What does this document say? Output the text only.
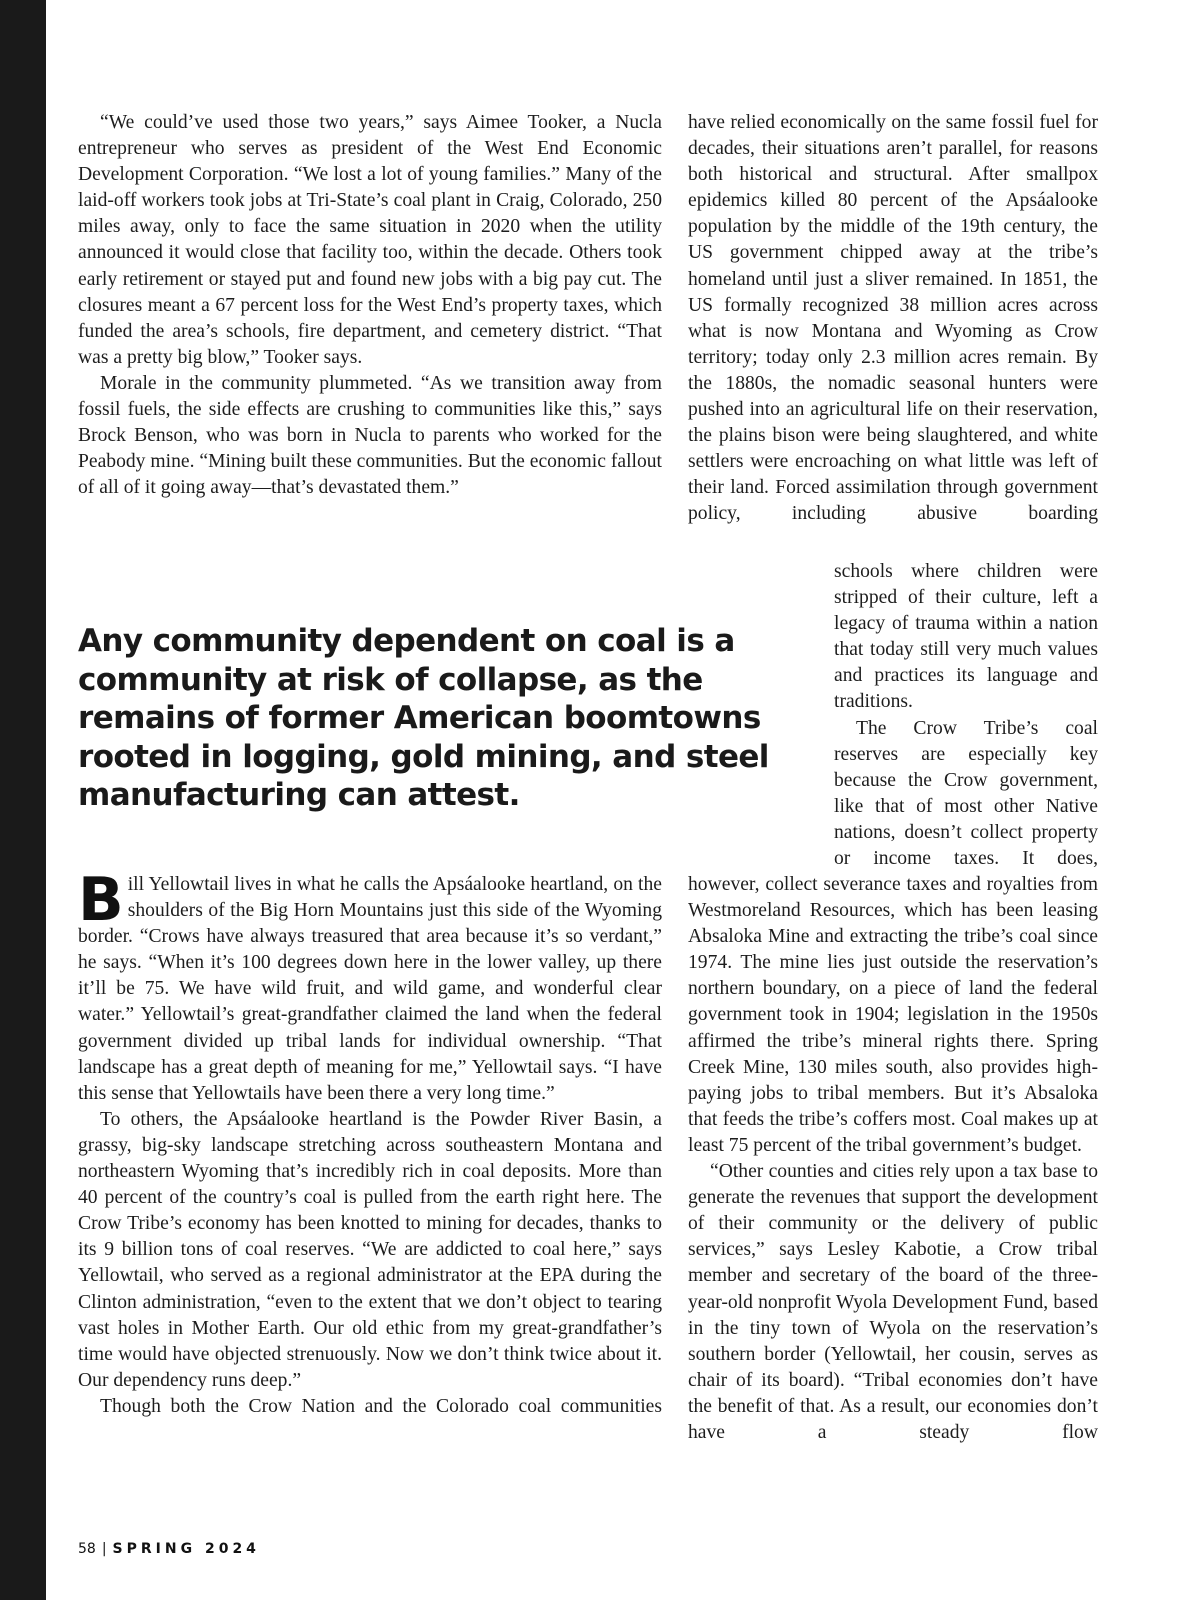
“We could’ve used those two years,” says Aimee Tooker, a Nucla entrepreneur who serves as president of the West End Economic Development Corporation. “We lost a lot of young families.” Many of the laid-off workers took jobs at Tri-State’s coal plant in Craig, Colorado, 250 miles away, only to face the same situation in 2020 when the utility announced it would close that facility too, within the decade. Others took early retirement or stayed put and found new jobs with a big pay cut. The closures meant a 67 percent loss for the West End’s property taxes, which funded the area’s schools, fire department, and cemetery district. “That was a pretty big blow,” Tooker says.

Morale in the community plummeted. “As we transition away from fossil fuels, the side effects are crushing to communities like this,” says Brock Benson, who was born in Nucla to parents who worked for the Peabody mine. “Mining built these communities. But the economic fallout of all of it going away—that’s devastated them.”

have relied economically on the same fossil fuel for decades, their situations aren’t parallel, for reasons both historical and structural. After smallpox epidemics killed 80 percent of the Apsáalooke population by the middle of the 19th century, the US government chipped away at the tribe’s homeland until just a sliver remained. In 1851, the US formally recognized 38 million acres across what is now Montana and Wyoming as Crow territory; today only 2.3 million acres remain. By the 1880s, the nomadic seasonal hunters were pushed into an agricultural life on their reservation, the plains bison were being slaughtered, and white settlers were encroaching on what little was left of their land. Forced assimilation through government policy, including abusive boarding

schools where children were stripped of their culture, left a legacy of trauma within a nation that today still very much values and practices its language and traditions.

The Crow Tribe’s coal reserves are especially key because the Crow government, like that of most other Native nations, doesn’t collect property or income taxes. It does,

Any community dependent on coal is a community at risk of collapse, as the remains of former American boomtowns rooted in logging, gold mining, and steel manufacturing can attest.

Bill Yellowtail lives in what he calls the Apsáalooke heartland, on the shoulders of the Big Horn Mountains just this side of the Wyoming border. “Crows have always treasured that area because it’s so verdant,” he says. “When it’s 100 degrees down here in the lower valley, up there it’ll be 75. We have wild fruit, and wild game, and wonderful clear water.” Yellowtail’s great-grandfather claimed the land when the federal government divided up tribal lands for individual ownership. “That landscape has a great depth of meaning for me,” Yellowtail says. “I have this sense that Yellowtails have been there a very long time.”

To others, the Apsáalooke heartland is the Powder River Basin, a grassy, big-sky landscape stretching across southeastern Montana and northeastern Wyoming that’s incredibly rich in coal deposits. More than 40 percent of the country’s coal is pulled from the earth right here. The Crow Tribe’s economy has been knotted to mining for decades, thanks to its 9 billion tons of coal reserves. “We are addicted to coal here,” says Yellowtail, who served as a regional administrator at the EPA during the Clinton administration, “even to the extent that we don’t object to tearing vast holes in Mother Earth. Our old ethic from my great-grandfather’s time would have objected strenuously. Now we don’t think twice about it. Our dependency runs deep.”

Though both the Crow Nation and the Colorado coal communities

however, collect severance taxes and royalties from Westmoreland Resources, which has been leasing Absaloka Mine and extracting the tribe’s coal since 1974. The mine lies just outside the reservation’s northern boundary, on a piece of land the federal government took in 1904; legislation in the 1950s affirmed the tribe’s mineral rights there. Spring Creek Mine, 130 miles south, also provides high-paying jobs to tribal members. But it’s Absaloka that feeds the tribe’s coffers most. Coal makes up at least 75 percent of the tribal government’s budget.

“Other counties and cities rely upon a tax base to generate the revenues that support the development of their community or the delivery of public services,” says Lesley Kabotie, a Crow tribal member and secretary of the board of the three-year-old nonprofit Wyola Development Fund, based in the tiny town of Wyola on the reservation’s southern border (Yellowtail, her cousin, serves as chair of its board). “Tribal economies don’t have the benefit of that. As a result, our economies don’t have a steady flow

58 | SPRING 2024
